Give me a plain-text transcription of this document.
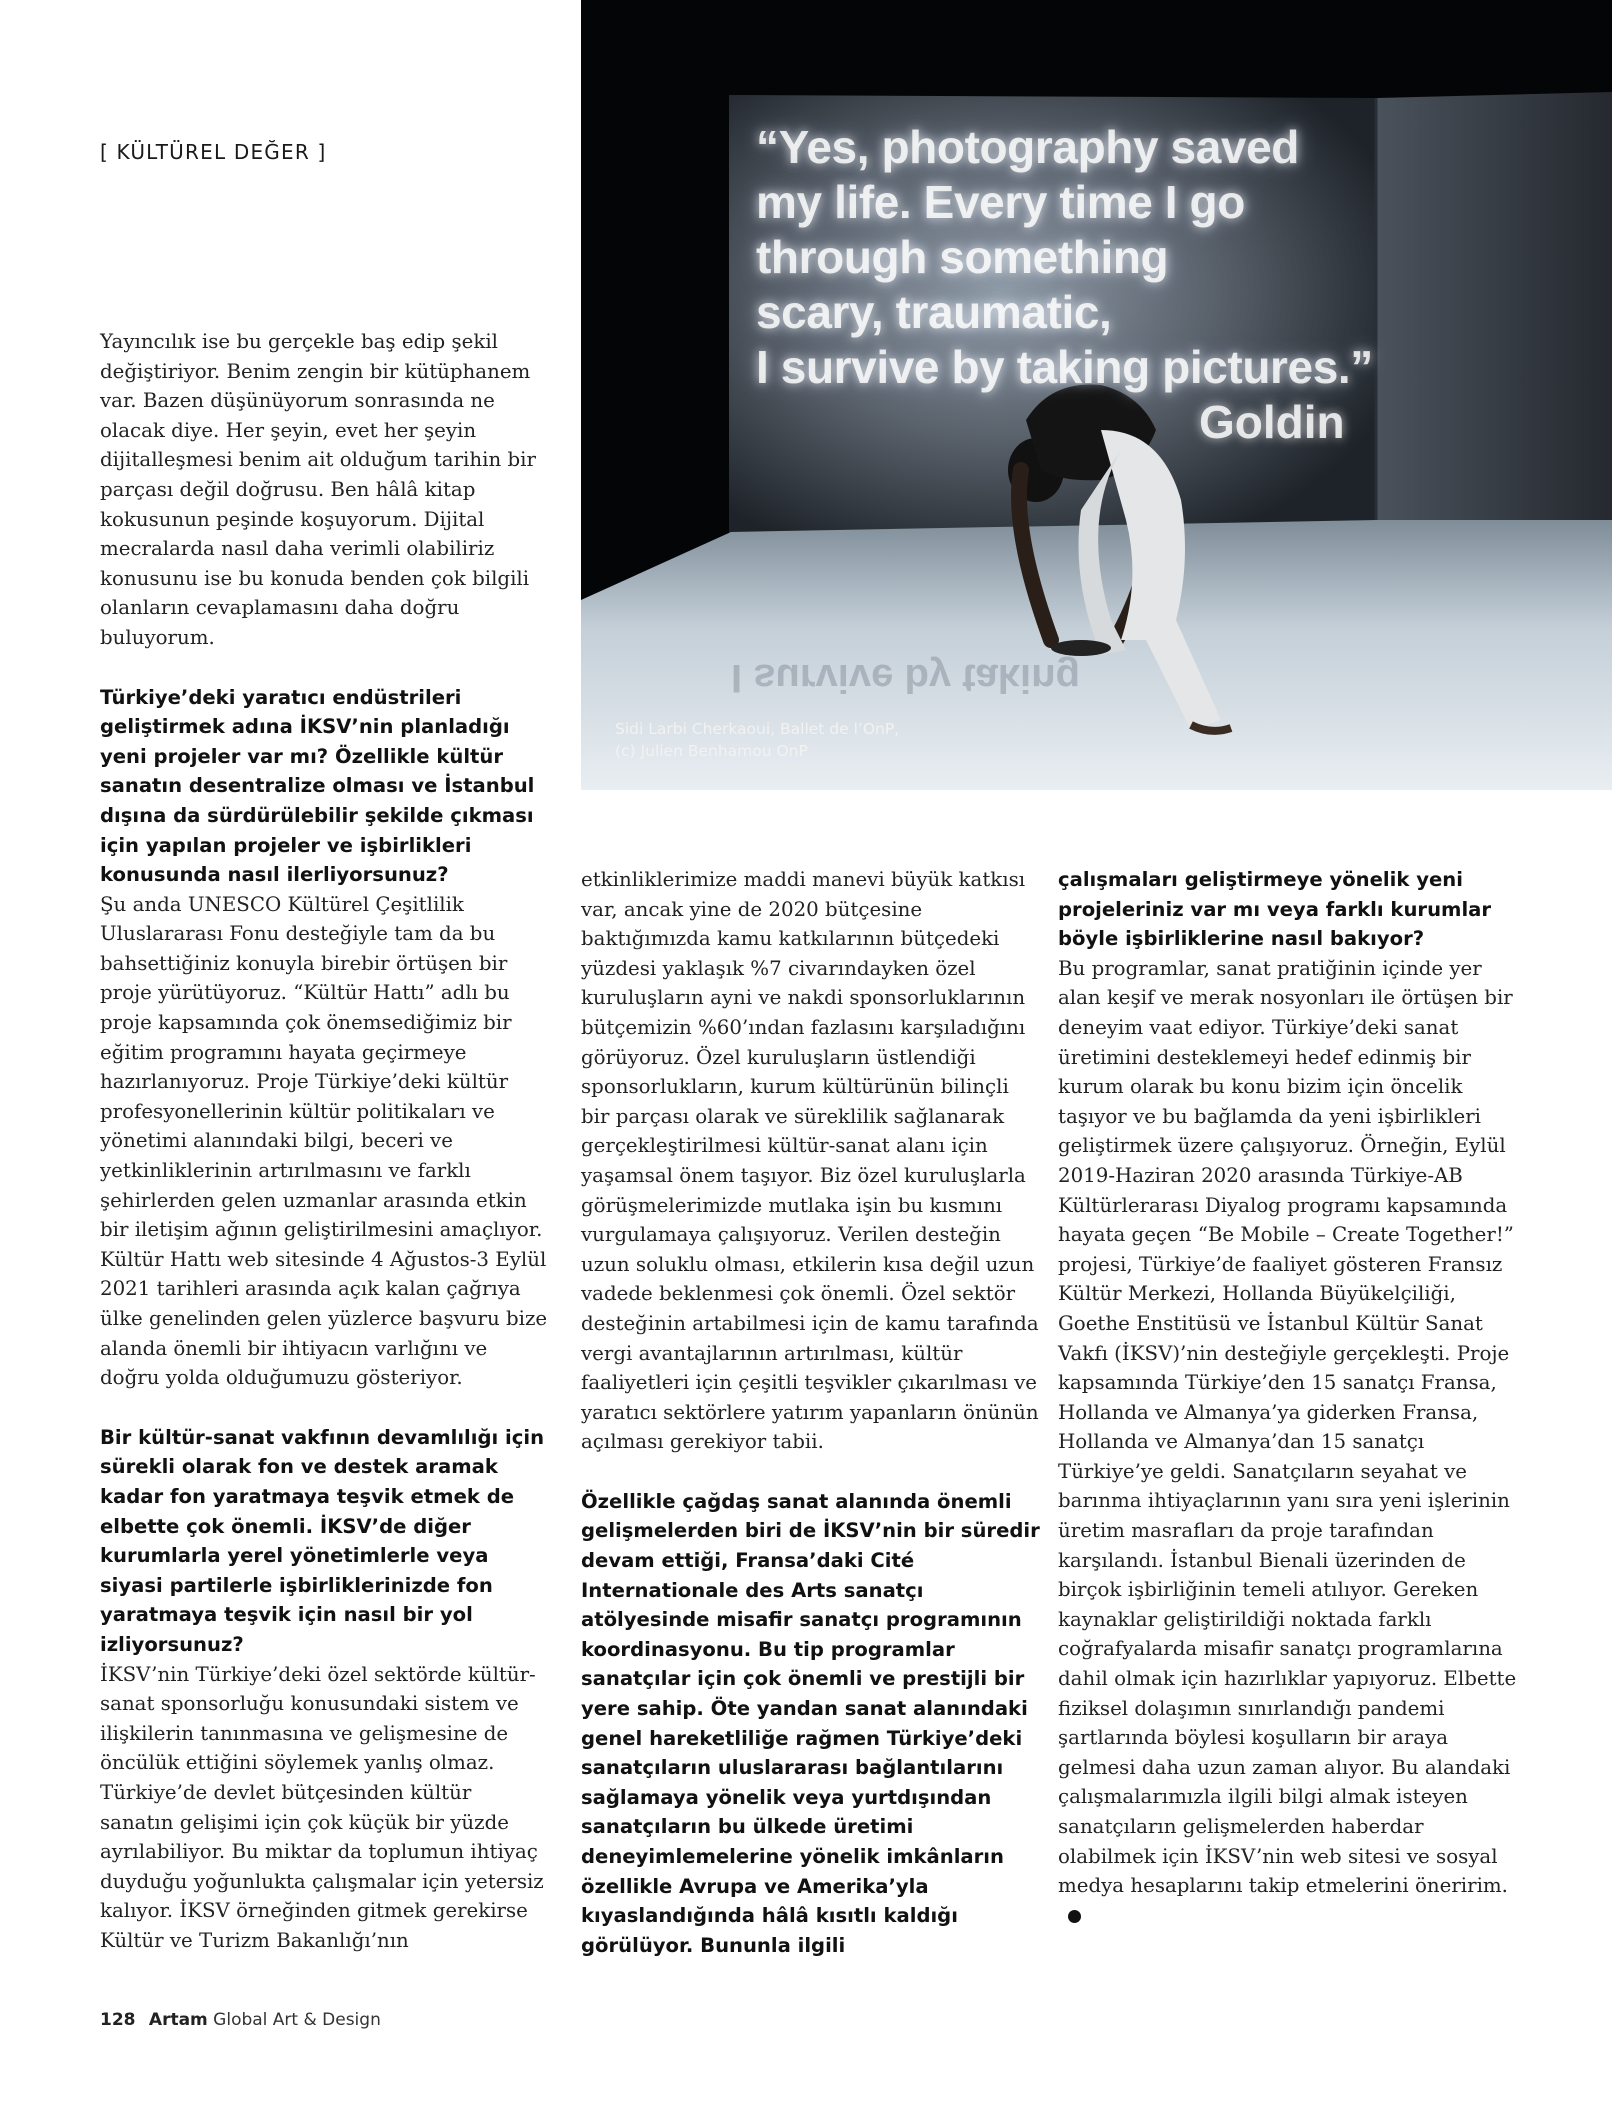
[ KÜLTÜREL DEĞER ]
I survive by taking
“Yes, photography saved
my life. Every time I go
through something
scary, traumatic,
I survive by taking pictures.”
Goldin
Sidi Larbi Cherkaoui, Ballet de l’OnP,
(c) Julien Benhamou OnP

Yayıncılık ise bu gerçekle baş edip şekil değiştiriyor. Benim zengin bir kütüphanem var. Bazen düşünüyorum sonrasında ne olacak diye. Her şeyin, evet her şeyin dijitalleşmesi benim ait olduğum tarihin bir parçası değil doğrusu. Ben hâlâ kitap kokusunun peşinde koşuyorum. Dijital mecralarda nasıl daha verimli olabiliriz konusunu ise bu konuda benden çok bilgili olanların cevaplamasını daha doğru buluyorum.

Türkiye’deki yaratıcı endüstrileri geliştirmek adına İKSV’nin planladığı yeni projeler var mı? Özellikle kültür sanatın desentralize olması ve İstanbul dışına da sürdürülebilir şekilde çıkması için yapılan projeler ve işbirlikleri konusunda nasıl ilerliyorsunuz?

Şu anda UNESCO Kültürel Çeşitlilik Uluslararası Fonu desteğiyle tam da bu bahsettiğiniz konuyla birebir örtüşen bir proje yürütüyoruz. “Kültür Hattı” adlı bu proje kapsamında çok önemsediğimiz bir eğitim programını hayata geçirmeye hazırlanıyoruz. Proje Türkiye’deki kültür profesyonellerinin kültür politikaları ve yönetimi alanındaki bilgi, beceri ve yetkinliklerinin artırılmasını ve farklı şehirlerden gelen uzmanlar arasında etkin bir iletişim ağının geliştirilmesini amaçlıyor. Kültür Hattı web sitesinde 4 Ağustos-3 Eylül 2021 tarihleri arasında açık kalan çağrıya ülke genelinden gelen yüzlerce başvuru bize alanda önemli bir ihtiyacın varlığını ve doğru yolda olduğumuzu gösteriyor.

Bir kültür-sanat vakfının devamlılığı için sürekli olarak fon ve destek aramak kadar fon yaratmaya teşvik etmek de elbette çok önemli. İKSV’de diğer kurumlarla yerel yönetimlerle veya siyasi partilerle işbirliklerinizde fon yaratmaya teşvik için nasıl bir yol izliyorsunuz?

İKSV’nin Türkiye’deki özel sektörde kültür-sanat sponsorluğu konusundaki sistem ve ilişkilerin tanınmasına ve gelişmesine de öncülük ettiğini söylemek yanlış olmaz. Türkiye’de devlet bütçesinden kültür sanatın gelişimi için çok küçük bir yüzde ayrılabiliyor. Bu miktar da toplumun ihtiyaç duyduğu yoğunlukta çalışmalar için yetersiz kalıyor. İKSV örneğinden gitmek gerekirse Kültür ve Turizm Bakanlığı’nın

etkinliklerimize maddi manevi büyük katkısı var, ancak yine de 2020 bütçesine baktığımızda kamu katkılarının bütçedeki yüzdesi yaklaşık %7 civarındayken özel kuruluşların ayni ve nakdi sponsorluklarının bütçemizin %60’ından fazlasını karşıladığını görüyoruz. Özel kuruluşların üstlendiği sponsorlukların, kurum kültürünün bilinçli bir parçası olarak ve süreklilik sağlanarak gerçekleştirilmesi kültür-sanat alanı için yaşamsal önem taşıyor. Biz özel kuruluşlarla görüşmelerimizde mutlaka işin bu kısmını vurgulamaya çalışıyoruz. Verilen desteğin uzun soluklu olması, etkilerin kısa değil uzun vadede beklenmesi çok önemli. Özel sektör desteğinin artabilmesi için de kamu tarafında vergi avantajlarının artırılması, kültür faaliyetleri için çeşitli teşvikler çıkarılması ve yaratıcı sektörlere yatırım yapanların önünün açılması gerekiyor tabii.

Özellikle çağdaş sanat alanında önemli gelişmelerden biri de İKSV’nin bir süredir devam ettiği, Fransa’daki Cité Internationale des Arts sanatçı atölyesinde misafir sanatçı programının koordinasyonu. Bu tip programlar sanatçılar için çok önemli ve prestijli bir yere sahip. Öte yandan sanat alanındaki genel hareketliliğe rağmen Türkiye’deki sanatçıların uluslararası bağlantılarını sağlamaya yönelik veya yurtdışından sanatçıların bu ülkede üretimi deneyimlemelerine yönelik imkânların özellikle Avrupa ve Amerika’yla kıyaslandığında hâlâ kısıtlı kaldığı görülüyor. Bununla ilgili

çalışmaları geliştirmeye yönelik yeni projeleriniz var mı veya farklı kurumlar böyle işbirliklerine nasıl bakıyor?

Bu programlar, sanat pratiğinin içinde yer alan keşif ve merak nosyonları ile örtüşen bir deneyim vaat ediyor. Türkiye’deki sanat üretimini desteklemeyi hedef edinmiş bir kurum olarak bu konu bizim için öncelik taşıyor ve bu bağlamda da yeni işbirlikleri geliştirmek üzere çalışıyoruz. Örneğin, Eylül 2019-Haziran 2020 arasında Türkiye-AB Kültürlerarası Diyalog programı kapsamında hayata geçen “Be Mobile – Create Together!” projesi, Türkiye’de faaliyet gösteren Fransız Kültür Merkezi, Hollanda Büyükelçiliği, Goethe Enstitüsü ve İstanbul Kültür Sanat Vakfı (İKSV)’nin desteğiyle gerçekleşti. Proje kapsamında Türkiye’den 15 sanatçı Fransa, Hollanda ve Almanya’ya giderken Fransa, Hollanda ve Almanya’dan 15 sanatçı Türkiye’ye geldi. Sanatçıların seyahat ve barınma ihtiyaçlarının yanı sıra yeni işlerinin üretim masrafları da proje tarafından karşılandı. İstanbul Bienali üzerinden de birçok işbirliğinin temeli atılıyor. Gereken kaynaklar geliştirildiği noktada farklı coğrafyalarda misafir sanatçı programlarına dahil olmak için hazırlıklar yapıyoruz. Elbette fiziksel dolaşımın sınırlandığı pandemi şartlarında böylesi koşulların bir araya gelmesi daha uzun zaman alıyor. Bu alandaki çalışmalarımızla ilgili bilgi almak isteyen sanatçıların gelişmelerden haberdar olabilmek için İKSV’nin web sitesi ve sosyal medya hesaplarını takip etmelerini öneririm.

128 Artam Global Art & Design
